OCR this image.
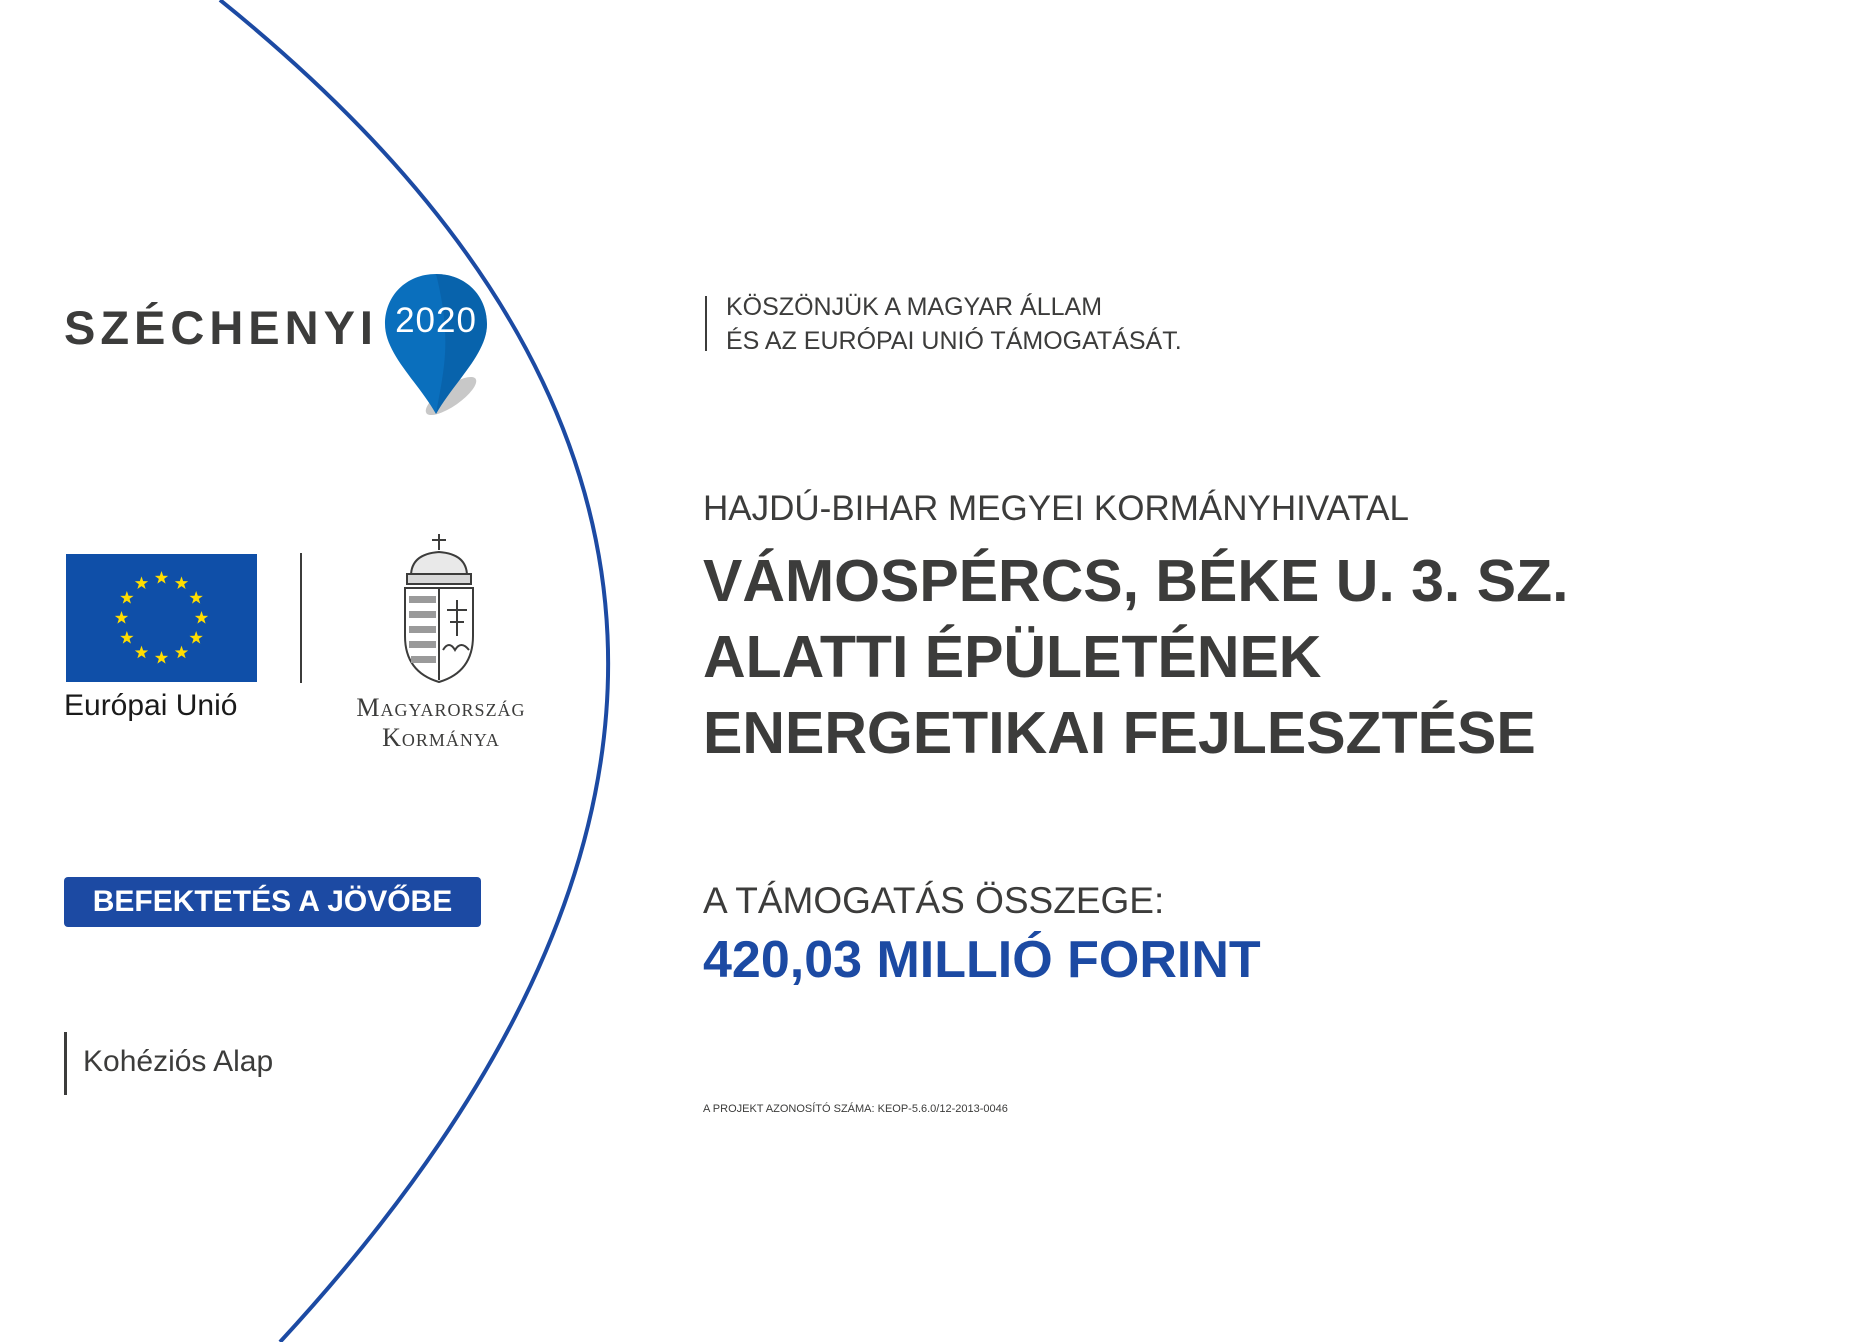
SZÉCHENYI 2020
Európai Unió	Magyarország
Kormánya
BEFEKTETÉS A JÖVŐBE
Kohéziós Alap
KÖSZÖNJÜK A MAGYAR ÁLLAM
ÉS AZ EURÓPAI UNIÓ TÁMOGATÁSÁT.
HAJDÚ-BIHAR MEGYEI KORMÁNYHIVATAL
VÁMOSPÉRCS, BÉKE U. 3. SZ.
ALATTI ÉPÜLETÉNEK
ENERGETIKAI FEJLESZTÉSE
A TÁMOGATÁS ÖSSZEGE:
420,03 MILLIÓ FORINT
A PROJEKT AZONOSÍTÓ SZÁMA: KEOP-5.6.0/12-2013-0046
